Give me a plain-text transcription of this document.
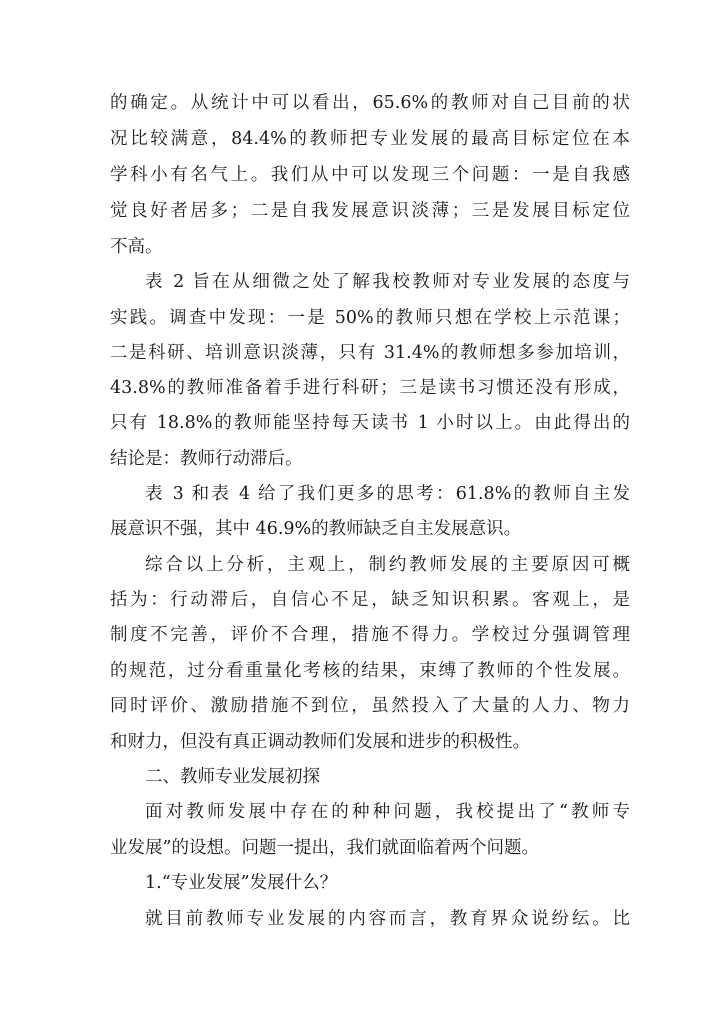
的确定。从统计中可以看出，65.6%的教师对自己目前的状
况比较满意，84.4%的教师把专业发展的最高目标定位在本
学科小有名气上。我们从中可以发现三个问题：一是自我感
觉良好者居多；二是自我发展意识淡薄；三是发展目标定位
不高。
表 2 旨在从细微之处了解我校教师对专业发展的态度与
实践。调查中发现：一是 50%的教师只想在学校上示范课；
二是科研、培训意识淡薄，只有 31.4%的教师想多参加培训，
43.8%的教师准备着手进行科研；三是读书习惯还没有形成，
只有 18.8%的教师能坚持每天读书 1 小时以上。由此得出的
结论是：教师行动滞后。
表 3 和表 4 给了我们更多的思考：61.8%的教师自主发
展意识不强，其中 46.9%的教师缺乏自主发展意识。
综合以上分析，主观上，制约教师发展的主要原因可概
括为：行动滞后，自信心不足，缺乏知识积累。客观上，是
制度不完善，评价不合理，措施不得力。学校过分强调管理
的规范，过分看重量化考核的结果，束缚了教师的个性发展。
同时评价、激励措施不到位，虽然投入了大量的人力、物力
和财力，但没有真正调动教师们发展和进步的积极性。
二、教师专业发展初探
面对教师发展中存在的种种问题，我校提出了“教师专
业发展”的设想。问题一提出，我们就面临着两个问题。
1.“专业发展”发展什么？
就目前教师专业发展的内容而言，教育界众说纷纭。比
